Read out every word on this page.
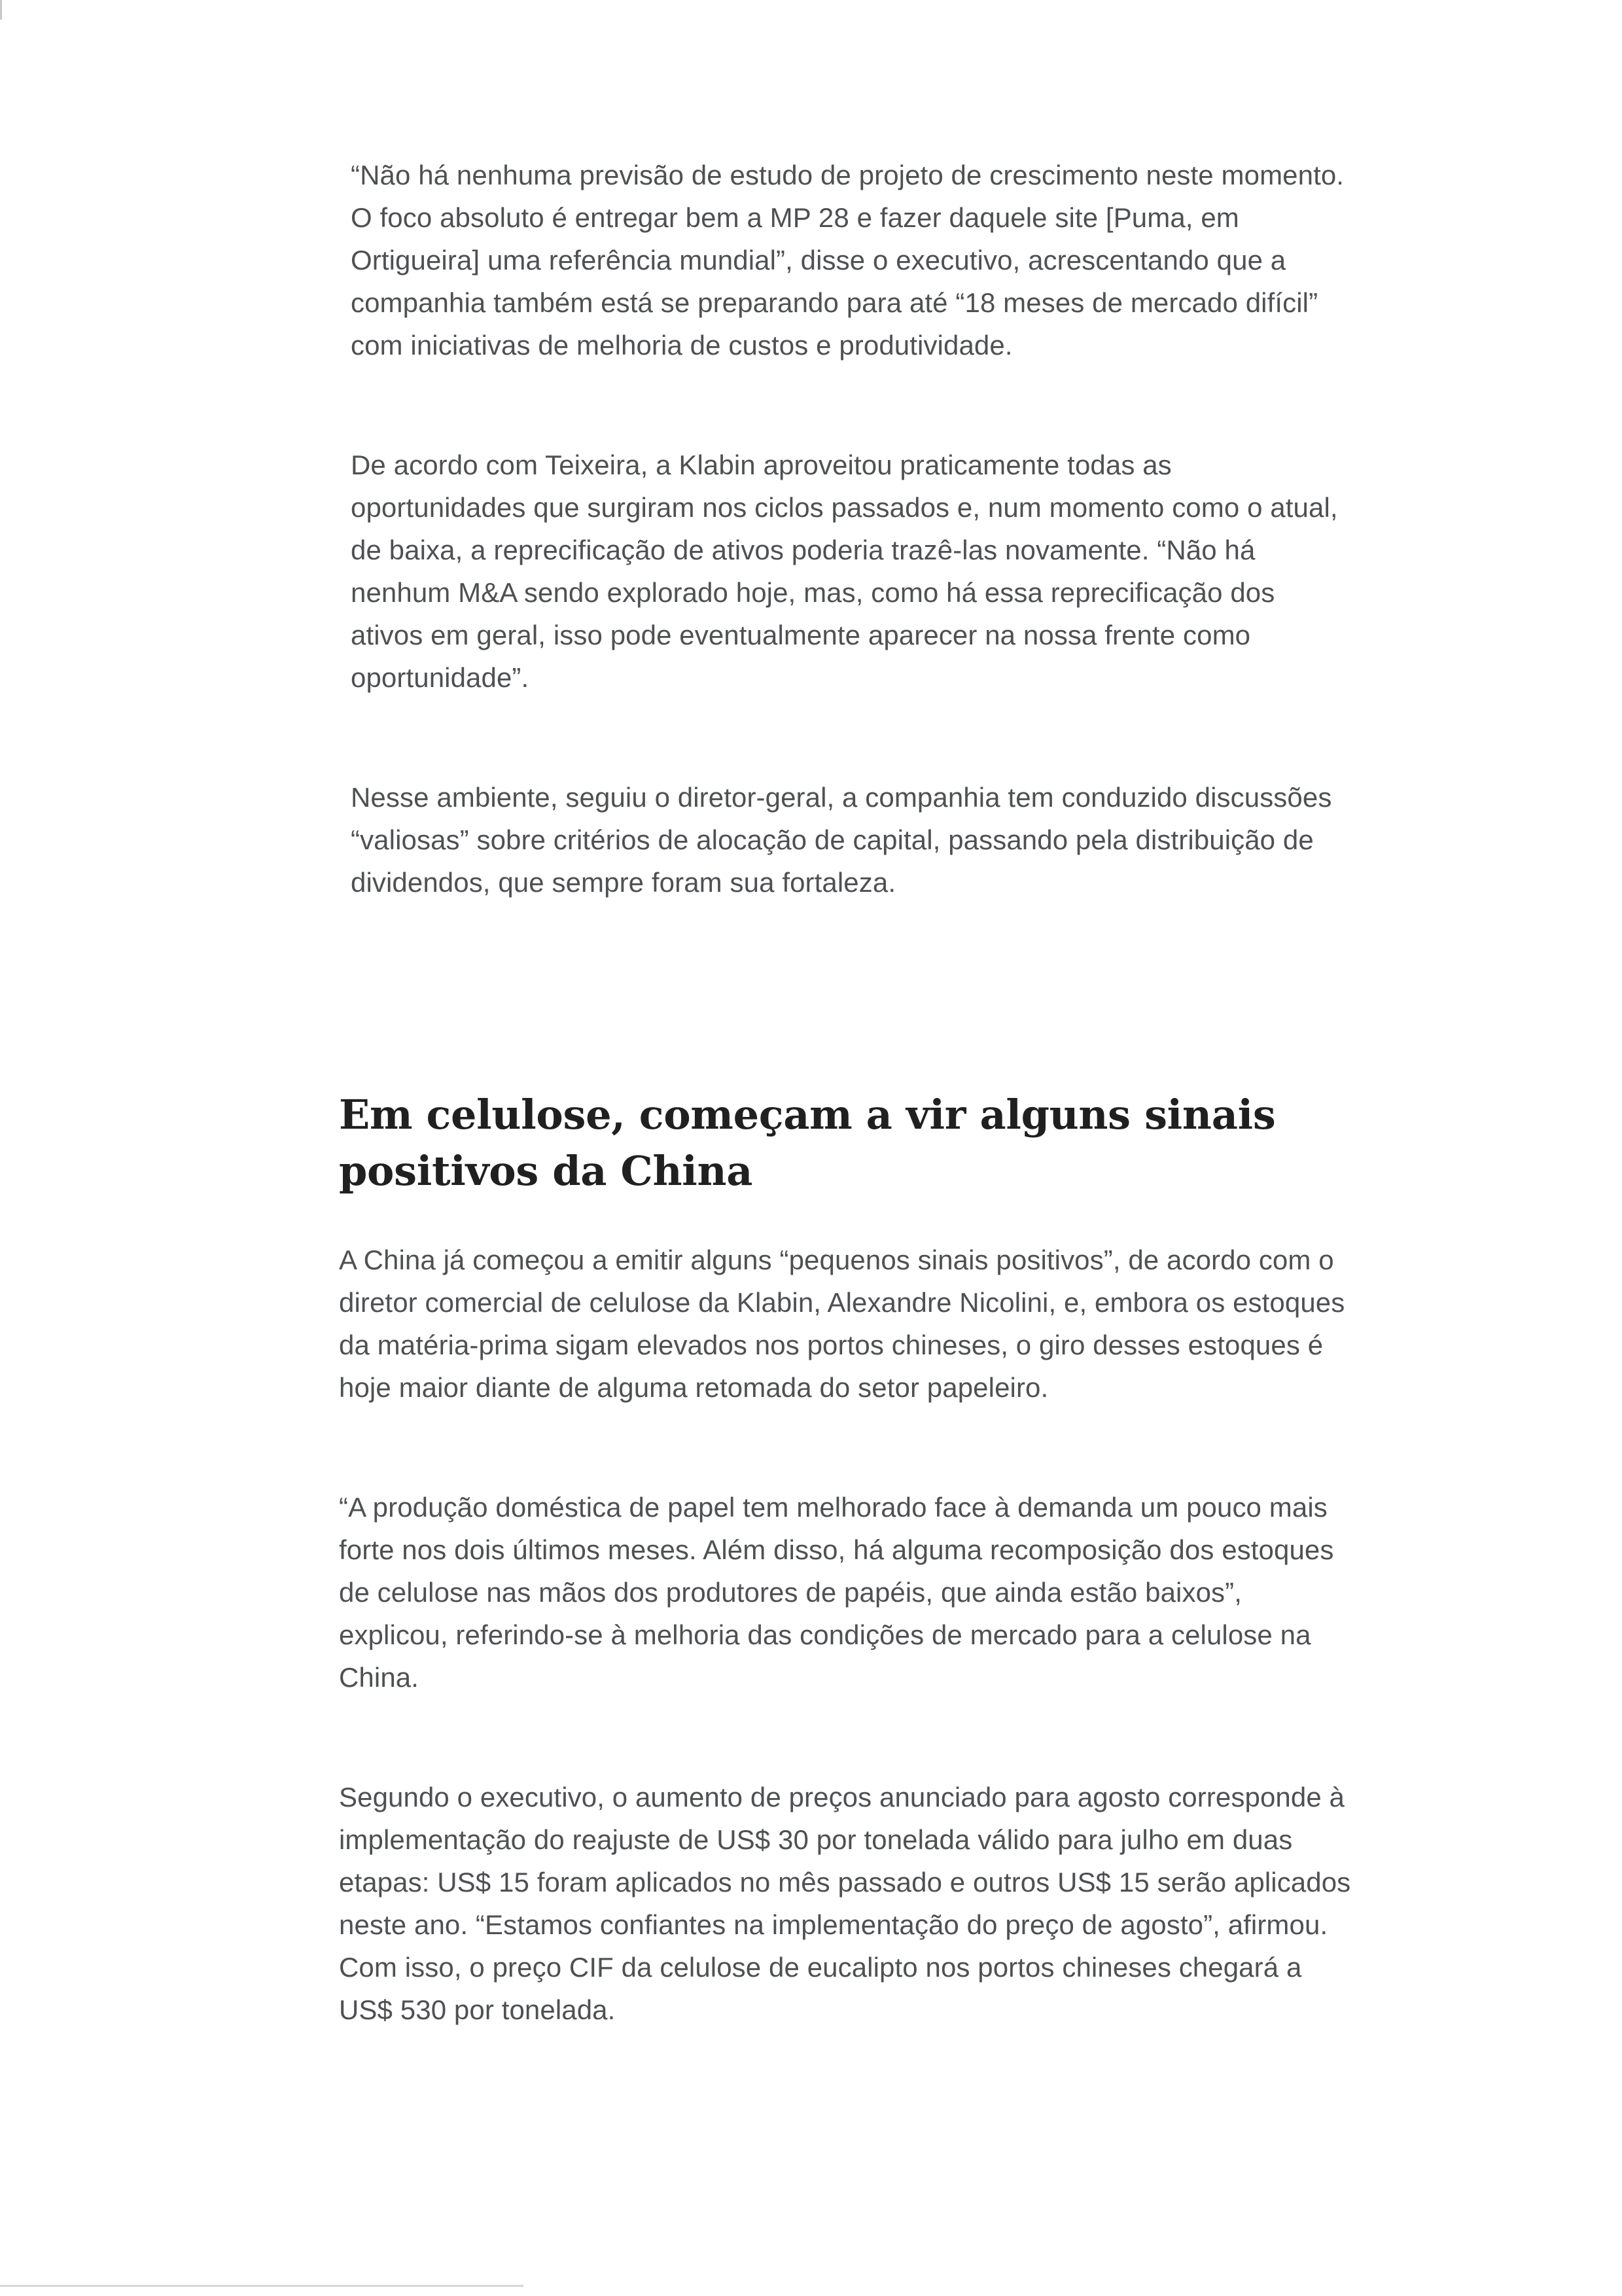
“Não há nenhuma previsão de estudo de projeto de crescimento neste momento. O foco absoluto é entregar bem a MP 28 e fazer daquele site [Puma, em Ortigueira] uma referência mundial”, disse o executivo, acrescentando que a companhia também está se preparando para até “18 meses de mercado difícil” com iniciativas de melhoria de custos e produtividade.

De acordo com Teixeira, a Klabin aproveitou praticamente todas as oportunidades que surgiram nos ciclos passados e, num momento como o atual, de baixa, a reprecificação de ativos poderia trazê-las novamente. “Não há nenhum M&A sendo explorado hoje, mas, como há essa reprecificação dos ativos em geral, isso pode eventualmente aparecer na nossa frente como oportunidade”.

Nesse ambiente, seguiu o diretor-geral, a companhia tem conduzido discussões “valiosas” sobre critérios de alocação de capital, passando pela distribuição de dividendos, que sempre foram sua fortaleza.

Em celulose, começam a vir alguns sinais positivos da China

A China já começou a emitir alguns “pequenos sinais positivos”, de acordo com o diretor comercial de celulose da Klabin, Alexandre Nicolini, e, embora os estoques da matéria-prima sigam elevados nos portos chineses, o giro desses estoques é hoje maior diante de alguma retomada do setor papeleiro.

“A produção doméstica de papel tem melhorado face à demanda um pouco mais forte nos dois últimos meses. Além disso, há alguma recomposição dos estoques de celulose nas mãos dos produtores de papéis, que ainda estão baixos”, explicou, referindo-se à melhoria das condições de mercado para a celulose na China.

Segundo o executivo, o aumento de preços anunciado para agosto corresponde à implementação do reajuste de US$ 30 por tonelada válido para julho em duas etapas: US$ 15 foram aplicados no mês passado e outros US$ 15 serão aplicados neste ano. “Estamos confiantes na implementação do preço de agosto”, afirmou. Com isso, o preço CIF da celulose de eucalipto nos portos chineses chegará a US$ 530 por tonelada.
